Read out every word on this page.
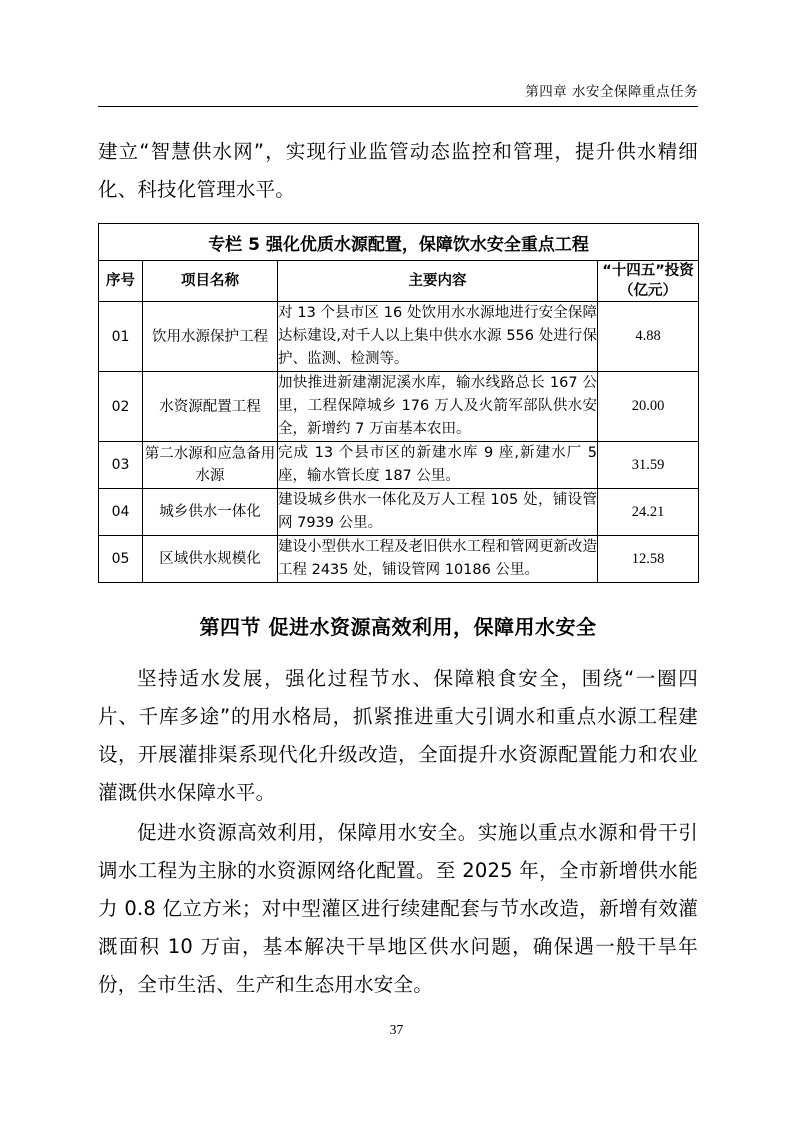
第四章 水安全保障重点任务

建立“智慧供水网”，实现行业监管动态监控和管理，提升供水精细化、科技化管理水平。

专栏 5 强化优质水源配置，保障饮水安全重点工程			
序号	项目名称	主要内容	“十四五”投资（亿元）
01	饮用水源保护工程	对 13 个县市区 16 处饮用水水源地进行安全保障达标建设,对千人以上集中供水水源 556 处进行保护、监测、检测等。	4.88
02	水资源配置工程	加快推进新建潮泥溪水库，输水线路总长 167 公里，工程保障城乡 176 万人及火箭军部队供水安全，新增约 7 万亩基本农田。	20.00
03	第二水源和应急备用水源	完成 13 个县市区的新建水库 9 座,新建水厂 5 座，输水管长度 187 公里。	31.59
04	城乡供水一体化	建设城乡供水一体化及万人工程 105 处，铺设管网 7939 公里。	24.21
05	区域供水规模化	建设小型供水工程及老旧供水工程和管网更新改造工程 2435 处，铺设管网 10186 公里。	12.58
第四节 促进水资源高效利用，保障用水安全

坚持适水发展，强化过程节水、保障粮食安全，围绕“一圈四片、千库多途”的用水格局，抓紧推进重大引调水和重点水源工程建设，开展灌排渠系现代化升级改造，全面提升水资源配置能力和农业灌溉供水保障水平。

促进水资源高效利用，保障用水安全。实施以重点水源和骨干引调水工程为主脉的水资源网络化配置。至 2025 年，全市新增供水能力 0.8 亿立方米；对中型灌区进行续建配套与节水改造，新增有效灌溉面积 10 万亩，基本解决干旱地区供水问题，确保遇一般干旱年份，全市生活、生产和生态用水安全。

37
